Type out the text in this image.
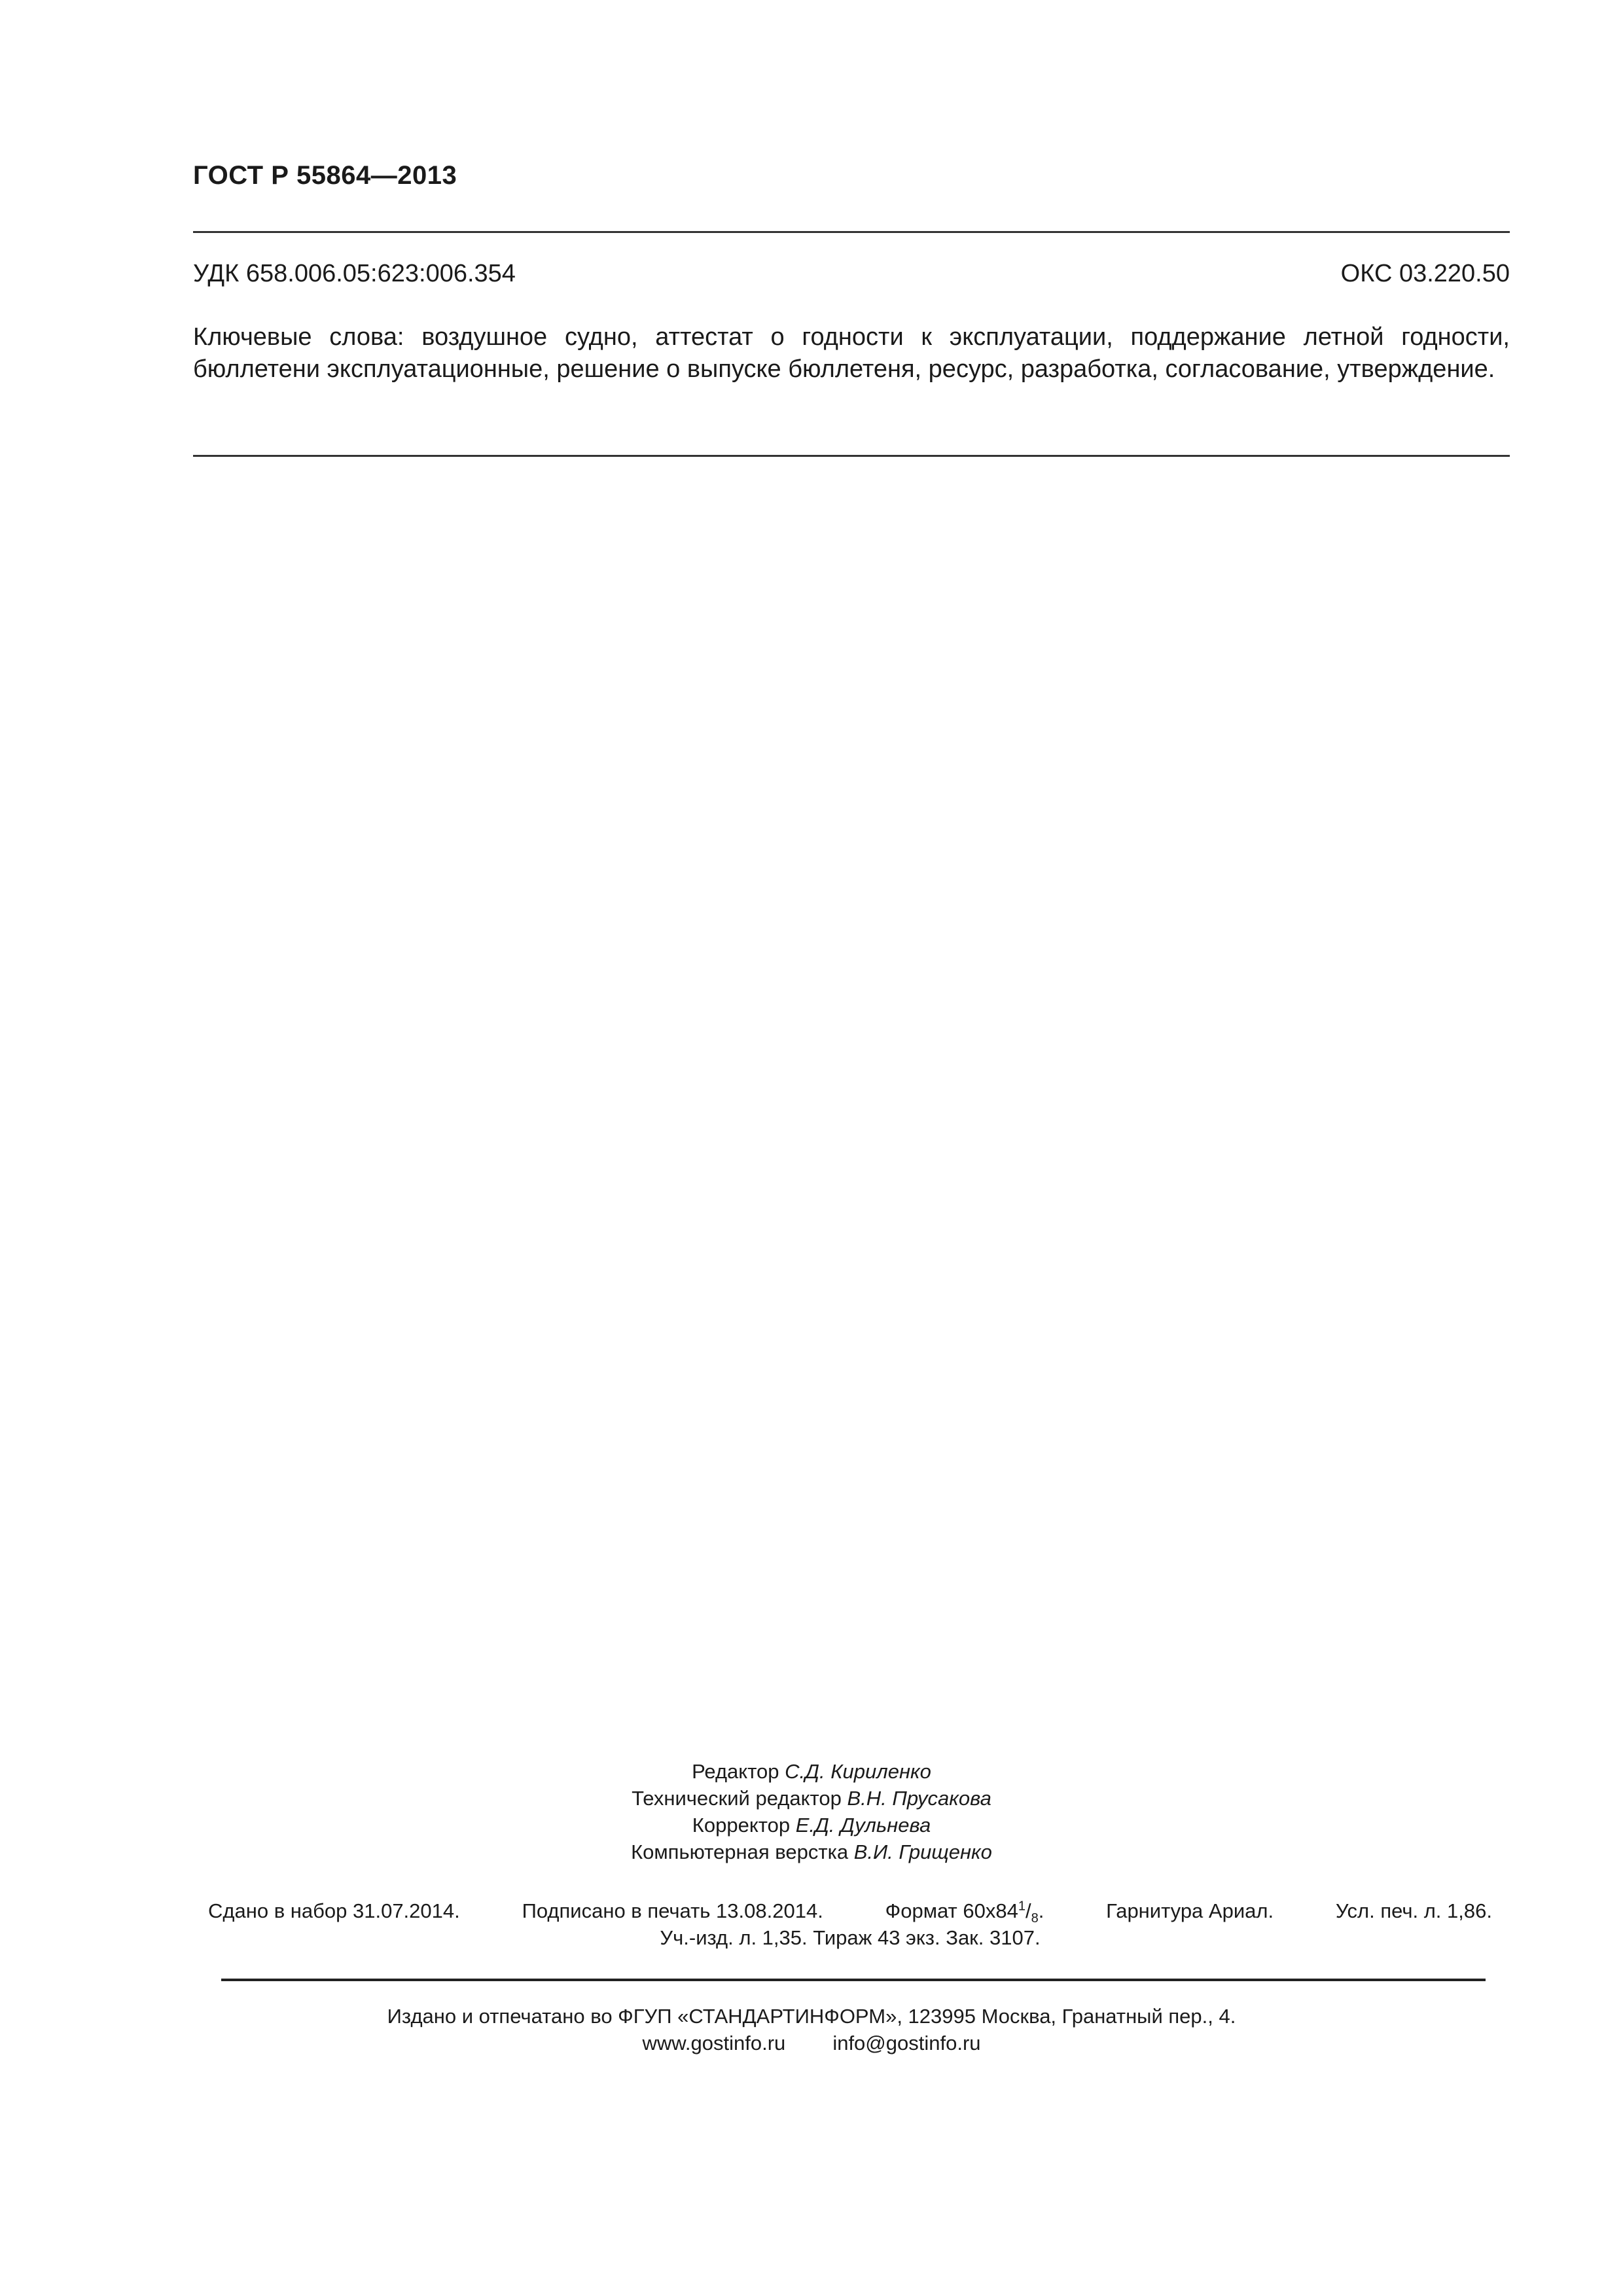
ГОСТ Р 55864—2013
УДК 658.006.05:623:006.354	ОКС 03.220.50
Ключевые слова: воздушное судно, аттестат о годности к эксплуатации, поддержание летной годности, бюллетени эксплуатационные, решение о выпуске бюллетеня, ресурс, разработка, согласование, утверждение.
Редактор С.Д. Кириленко
Технический редактор В.Н. Прусакова
Корректор Е.Д. Дульнева
Компьютерная верстка В.И. Грищенко
Сдано в набор 31.07.2014.	Подписано в печать 13.08.2014.	Формат $60x84^1/_8$.	Гарнитура Ариал.	Усл. печ. л. 1,86.
Уч.-изд. л. 1,35. Тираж 43 экз. Зак. 3107.
Издано и отпечатано во ФГУП «СТАНДАРТИНФОРМ», 123995 Москва, Гранатный пер., 4.
www.gostinfo.ru info@gostinfo.ru
